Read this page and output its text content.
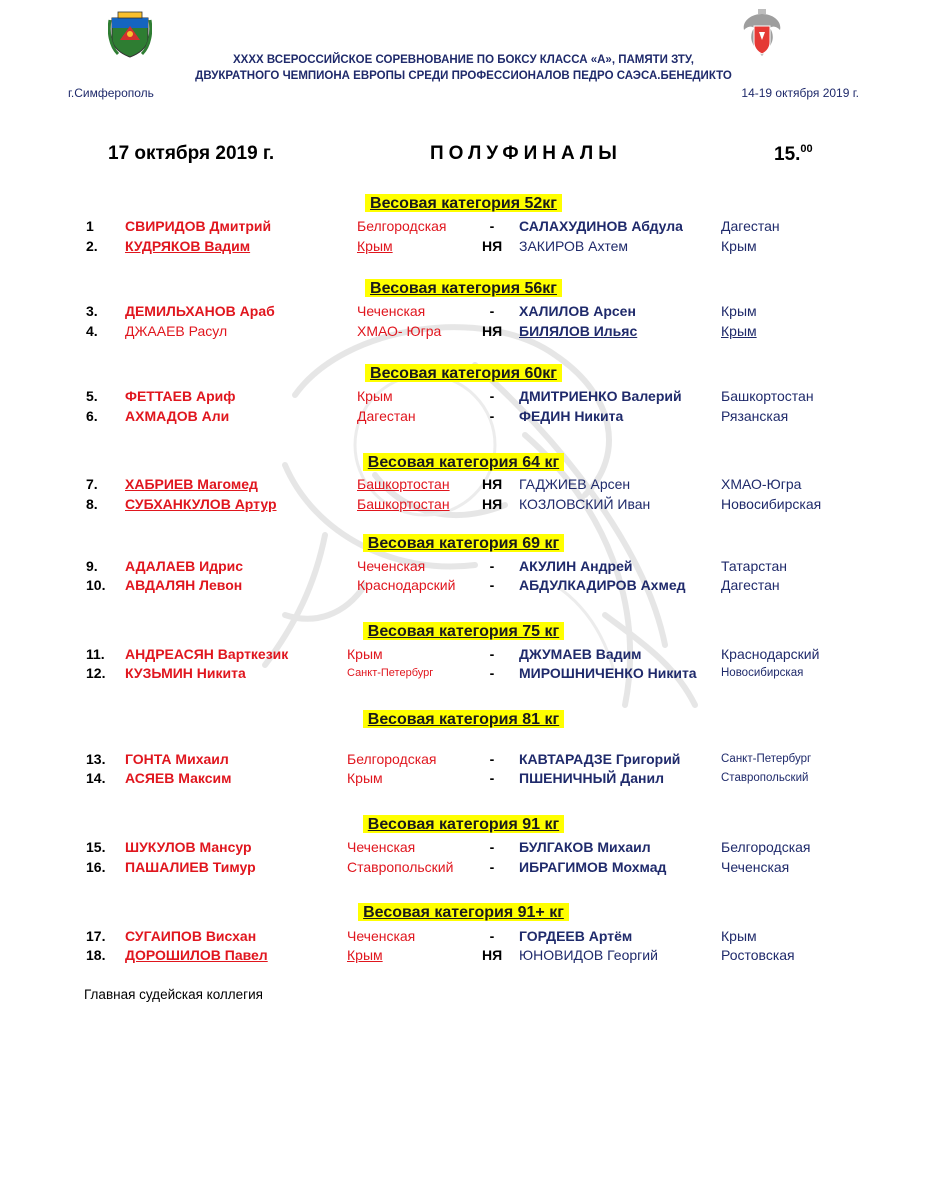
XXXX ВСЕРОССИЙСКОЕ СОРЕВНОВАНИЕ ПО БОКСУ КЛАССА «А», ПАМЯТИ ЗТУ,
ДВУКРАТНОГО ЧЕМПИОНА ЕВРОПЫ СРЕДИ ПРОФЕССИОНАЛОВ ПЕДРО САЭСА.БЕНЕДИКТО
г.Симферополь	14-19 октября 2019 г.
17 октября 2019 г.	ПОЛУФИНАЛЫ	15.00
Весовая категория 52кг
1 СВИРИДОВ Дмитрий	Белгородская	-	САЛАХУДИНОВ Абдула	Дагестан
2. КУДРЯКОВ Вадим	Крым	НЯ ЗАКИРОВ Ахтем	Крым
Весовая категория 56кг
3. ДЕМИЛЬХАНОВ Араб	Чеченская	-	ХАЛИЛОВ Арсен	Крым
4. ДЖААЕВ Расул	ХМАО- Югра	НЯ БИЛЯЛОВ Ильяс	Крым
Весовая категория 60кг
5. ФЕТТАЕВ Ариф	Крым	-	ДМИТРИЕНКО Валерий	Башкортостан
6. АХМАДОВ Али	Дагестан	-	ФЕДИН Никита	Рязанская
Весовая категория 64 кг
7. ХАБРИЕВ Магомед	Башкортостан НЯ ГАДЖИЕВ Арсен	ХМАО-Югра
8. СУБХАНКУЛОВ Артур	Башкортостан НЯ КОЗЛОВСКИЙ Иван	Новосибирская
Весовая категория 69 кг
9. АДАЛАЕВ Идрис	Чеченская	-	АКУЛИН Андрей	Татарстан
10. АВДАЛЯН Левон	Краснодарский	-	АБДУЛКАДИРОВ Ахмед	Дагестан
Весовая категория 75 кг
11. АНДРЕАСЯН Варткезик	Крым	-	ДЖУМАЕВ Вадим	Краснодарский
12. КУЗЬМИН Никита	Санкт-Петербург	-	МИРОШНИЧЕНКО Никита Новосибирская
Весовая категория 81 кг
13. ГОНТА Михаил	Белгородская	-	КАВТАРАДЗЕ Григорий	Санкт-Петербург
14. АСЯЕВ Максим	Крым	-	ПШЕНИЧНЫЙ Данил	Ставропольский
Весовая категория 91 кг
15. ШУКУЛОВ Мансур	Чеченская	-	БУЛГАКОВ Михаил	Белгородская
16. ПАШАЛИЕВ Тимур	Ставропольский	-	ИБРАГИМОВ Мохмад	Чеченская
Весовая категория 91+ кг
17. СУГАИПОВ Висхан	Чеченская	-	ГОРДЕЕВ Артём	Крым
18. ДОРОШИЛОВ Павел	Крым	НЯ ЮНОВИДОВ Георгий	Ростовская
Главная судейская коллегия
